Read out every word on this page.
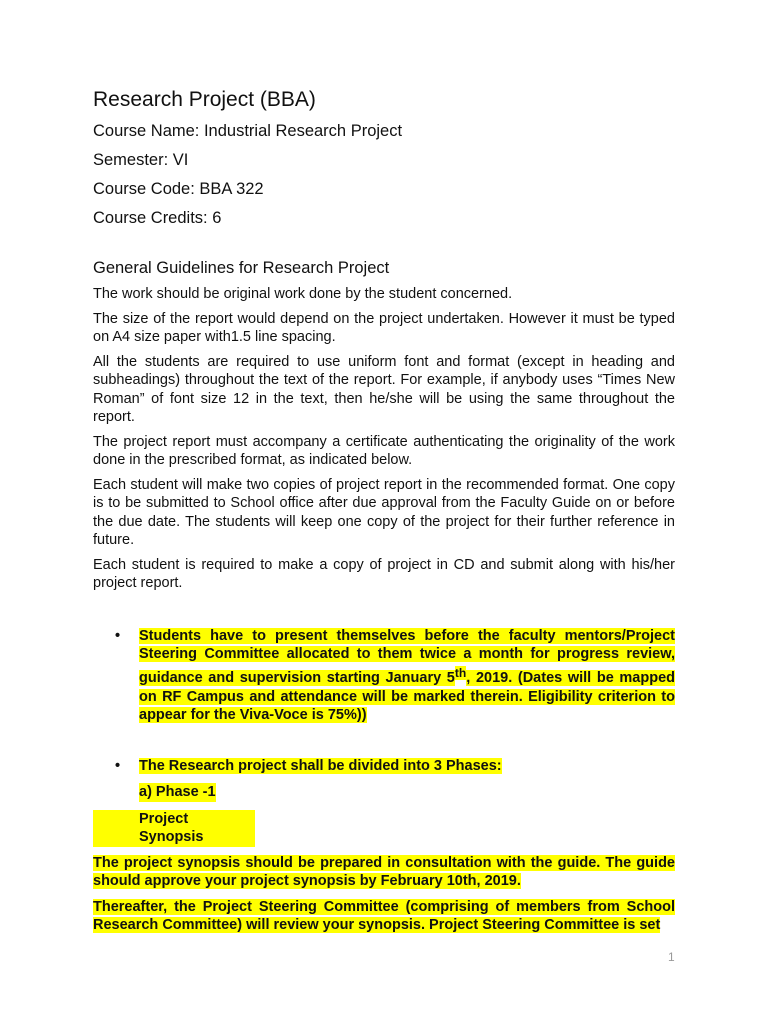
Research Project (BBA)

Course Name: Industrial Research Project

Semester: VI

Course Code: BBA 322

Course Credits: 6

General Guidelines for Research Project

The work should be original work done by the student concerned.

The size of the report would depend on the project undertaken. However it must be typed on A4 size paper with1.5 line spacing.

All the students are required to use uniform font and format (except in heading and subheadings) throughout the text of the report. For example, if anybody uses “Times New Roman” of font size 12 in the text, then he/she will be using the same throughout the report.

The project report must accompany a certificate authenticating the originality of the work done in the prescribed format, as indicated below.

Each student will make two copies of project report in the recommended format. One copy is to be submitted to School office after due approval from the Faculty Guide on or before the due date. The students will keep one copy of the project for their further reference in future.

Each student is required to make a copy of project in CD and submit along with his/her project report.

• Students have to present themselves before the faculty mentors/Project Steering Committee allocated to them twice a month for progress review, guidance and supervision starting January 5th, 2019. (Dates will be mapped on RF Campus and attendance will be marked therein. Eligibility criterion to appear for the Viva-Voce is 75%))
• The Research project shall be divided into 3 Phases:
a) Phase -1

Project Synopsis

The project synopsis should be prepared in consultation with the guide. The guide should approve your project synopsis by February 10th, 2019.

Thereafter, the Project Steering Committee (comprising of members from School Research Committee) will review your synopsis. Project Steering Committee is set

1
